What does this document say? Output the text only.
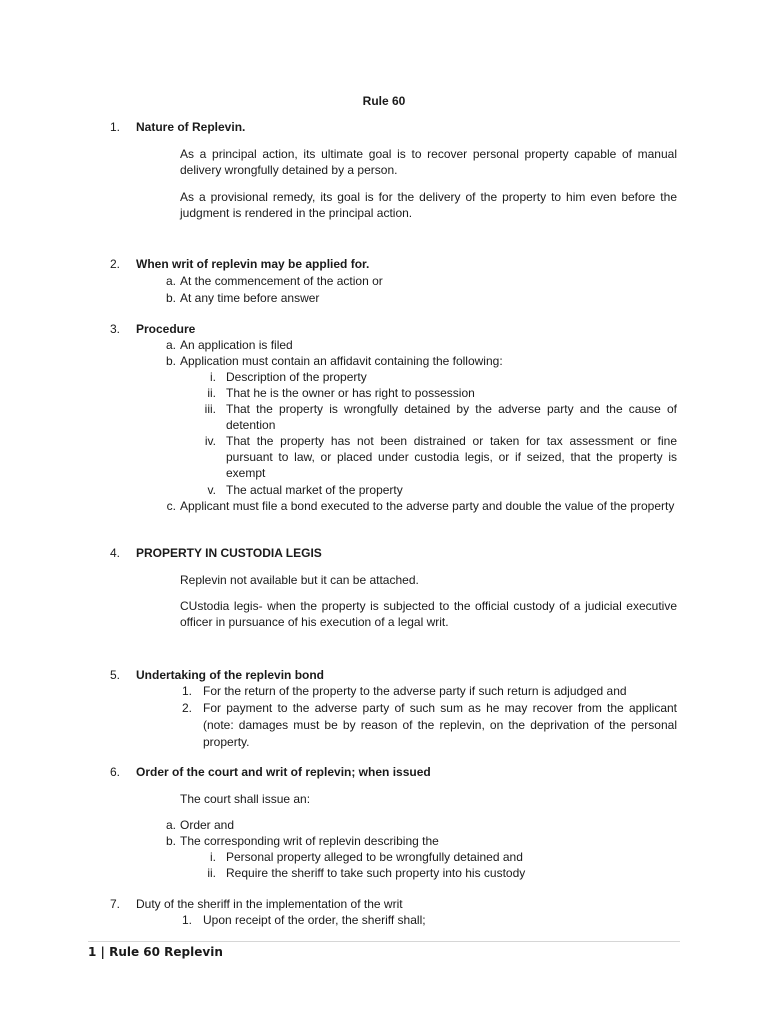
Rule 60
1.	Nature of Replevin.
As a principal action, its ultimate goal is to recover personal property capable of manual delivery wrongfully detained by a person.
As a provisional remedy, its goal is for the delivery of the property to him even before the judgment is rendered in the principal action.
2.	When writ of replevin may be applied for.
a. At the commencement of the action or
b. At any time before answer
3.	Procedure
a. An application is filed
b. Application must contain an affidavit containing the following:
i. Description of the property
ii. That he is the owner or has right to possession
iii. That the property is wrongfully detained by the adverse party and the cause of detention
iv. That the property has not been distrained or taken for tax assessment or fine pursuant to law, or placed under custodia legis, or if seized, that the property is exempt
v. The actual market of the property
c. Applicant must file a bond executed to the adverse party and double the value of the property
4.	PROPERTY IN CUSTODIA LEGIS
Replevin not available but it can be attached.
CUstodia legis- when the property is subjected to the official custody of a judicial executive officer in pursuance of his execution of a legal writ.
5.	Undertaking of the replevin bond
1. For the return of the property to the adverse party if such return is adjudged and
2. For payment to the adverse party of such sum as he may recover from the applicant (note: damages must be by reason of the replevin, on the deprivation of the personal property.
6.	Order of the court and writ of replevin; when issued
The court shall issue an:
a. Order and
b. The corresponding writ of replevin describing the
i. Personal property alleged to be wrongfully detained and
ii. Require the sheriff to take such property into his custody
7.	Duty of the sheriff in the implementation of the writ
1. Upon receipt of the order, the sheriff shall;
1 | Rule 60 Replevin
